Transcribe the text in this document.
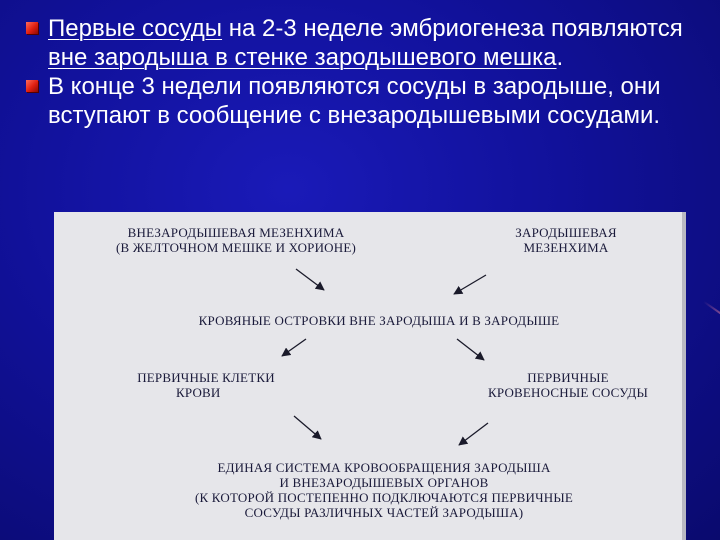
Первые сосуды на 2-3 неделе эмбриогенеза появляются вне зародыша в стенке зародышевого мешка.
В конце 3 недели появляются сосуды в зародыше, они вступают в сообщение с внезародышевыми сосудами.
ВНЕЗАРОДЫШЕВАЯ МЕЗЕНХИМА
(В ЖЕЛТОЧНОМ МЕШКЕ И ХОРИОНЕ)
ЗАРОДЫШЕВАЯ
МЕЗЕНХИМА
КРОВЯНЫЕ ОСТРОВКИ ВНЕ ЗАРОДЫША И В ЗАРОДЫШЕ
ПЕРВИЧНЫЕ КЛЕТКИ
КРОВИ
ПЕРВИЧНЫЕ
КРОВЕНОСНЫЕ СОСУДЫ
ЕДИНАЯ СИСТЕМА КРОВООБРАЩЕНИЯ ЗАРОДЫША
И ВНЕЗАРОДЫШЕВЫХ ОРГАНОВ
(К КОТОРОЙ ПОСТЕПЕННО ПОДКЛЮЧАЮТСЯ ПЕРВИЧНЫЕ
СОСУДЫ РАЗЛИЧНЫХ ЧАСТЕЙ ЗАРОДЫША)
